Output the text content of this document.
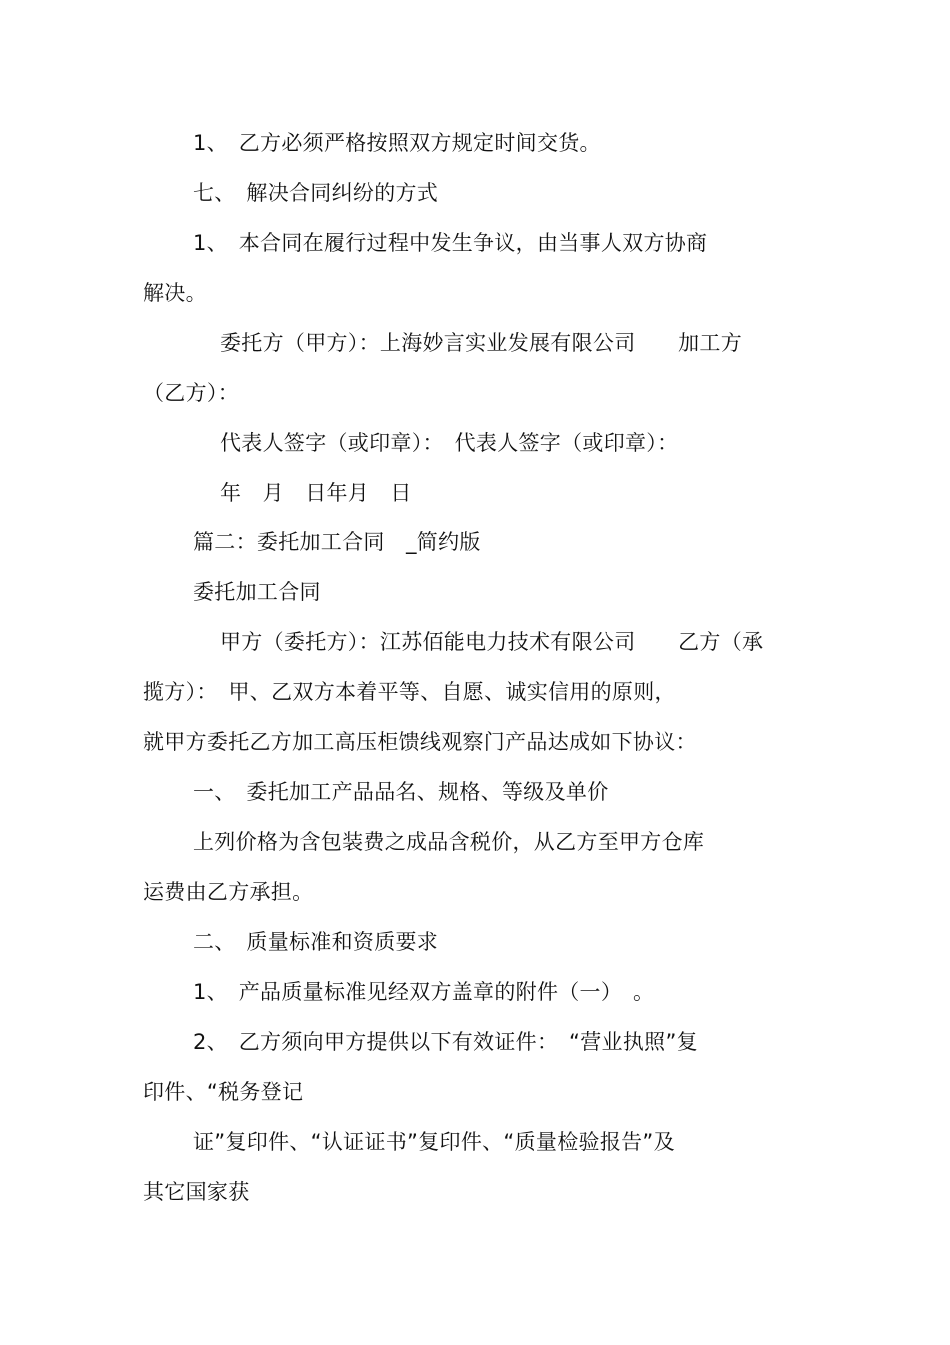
1、　乙方必须严格按照双方规定时间交货。
七、　解决合同纠纷的方式
1、　本合同在履行过程中发生争议，由当事人双方协商
解决。
委托方（甲方）：上海妙言实业发展有限公司　　加工方
（乙方）：
代表人签字（或印章）：　代表人签字（或印章）：
年　月　日年月　日
篇二：委托加工合同　_简约版
委托加工合同
甲方（委托方）：江苏佰能电力技术有限公司　　乙方（承
揽方）：　甲、乙双方本着平等、自愿、诚实信用的原则，
就甲方委托乙方加工高压柜馈线观察门产品达成如下协议：
一、　委托加工产品品名、规格、等级及单价
上列价格为含包装费之成品含税价，从乙方至甲方仓库
运费由乙方承担。
二、　质量标准和资质要求
1、　产品质量标准见经双方盖章的附件（一）　。
2、　乙方须向甲方提供以下有效证件：　“营业执照”复
印件、“税务登记
证”复印件、“认证证书”复印件、“质量检验报告”及
其它国家获
